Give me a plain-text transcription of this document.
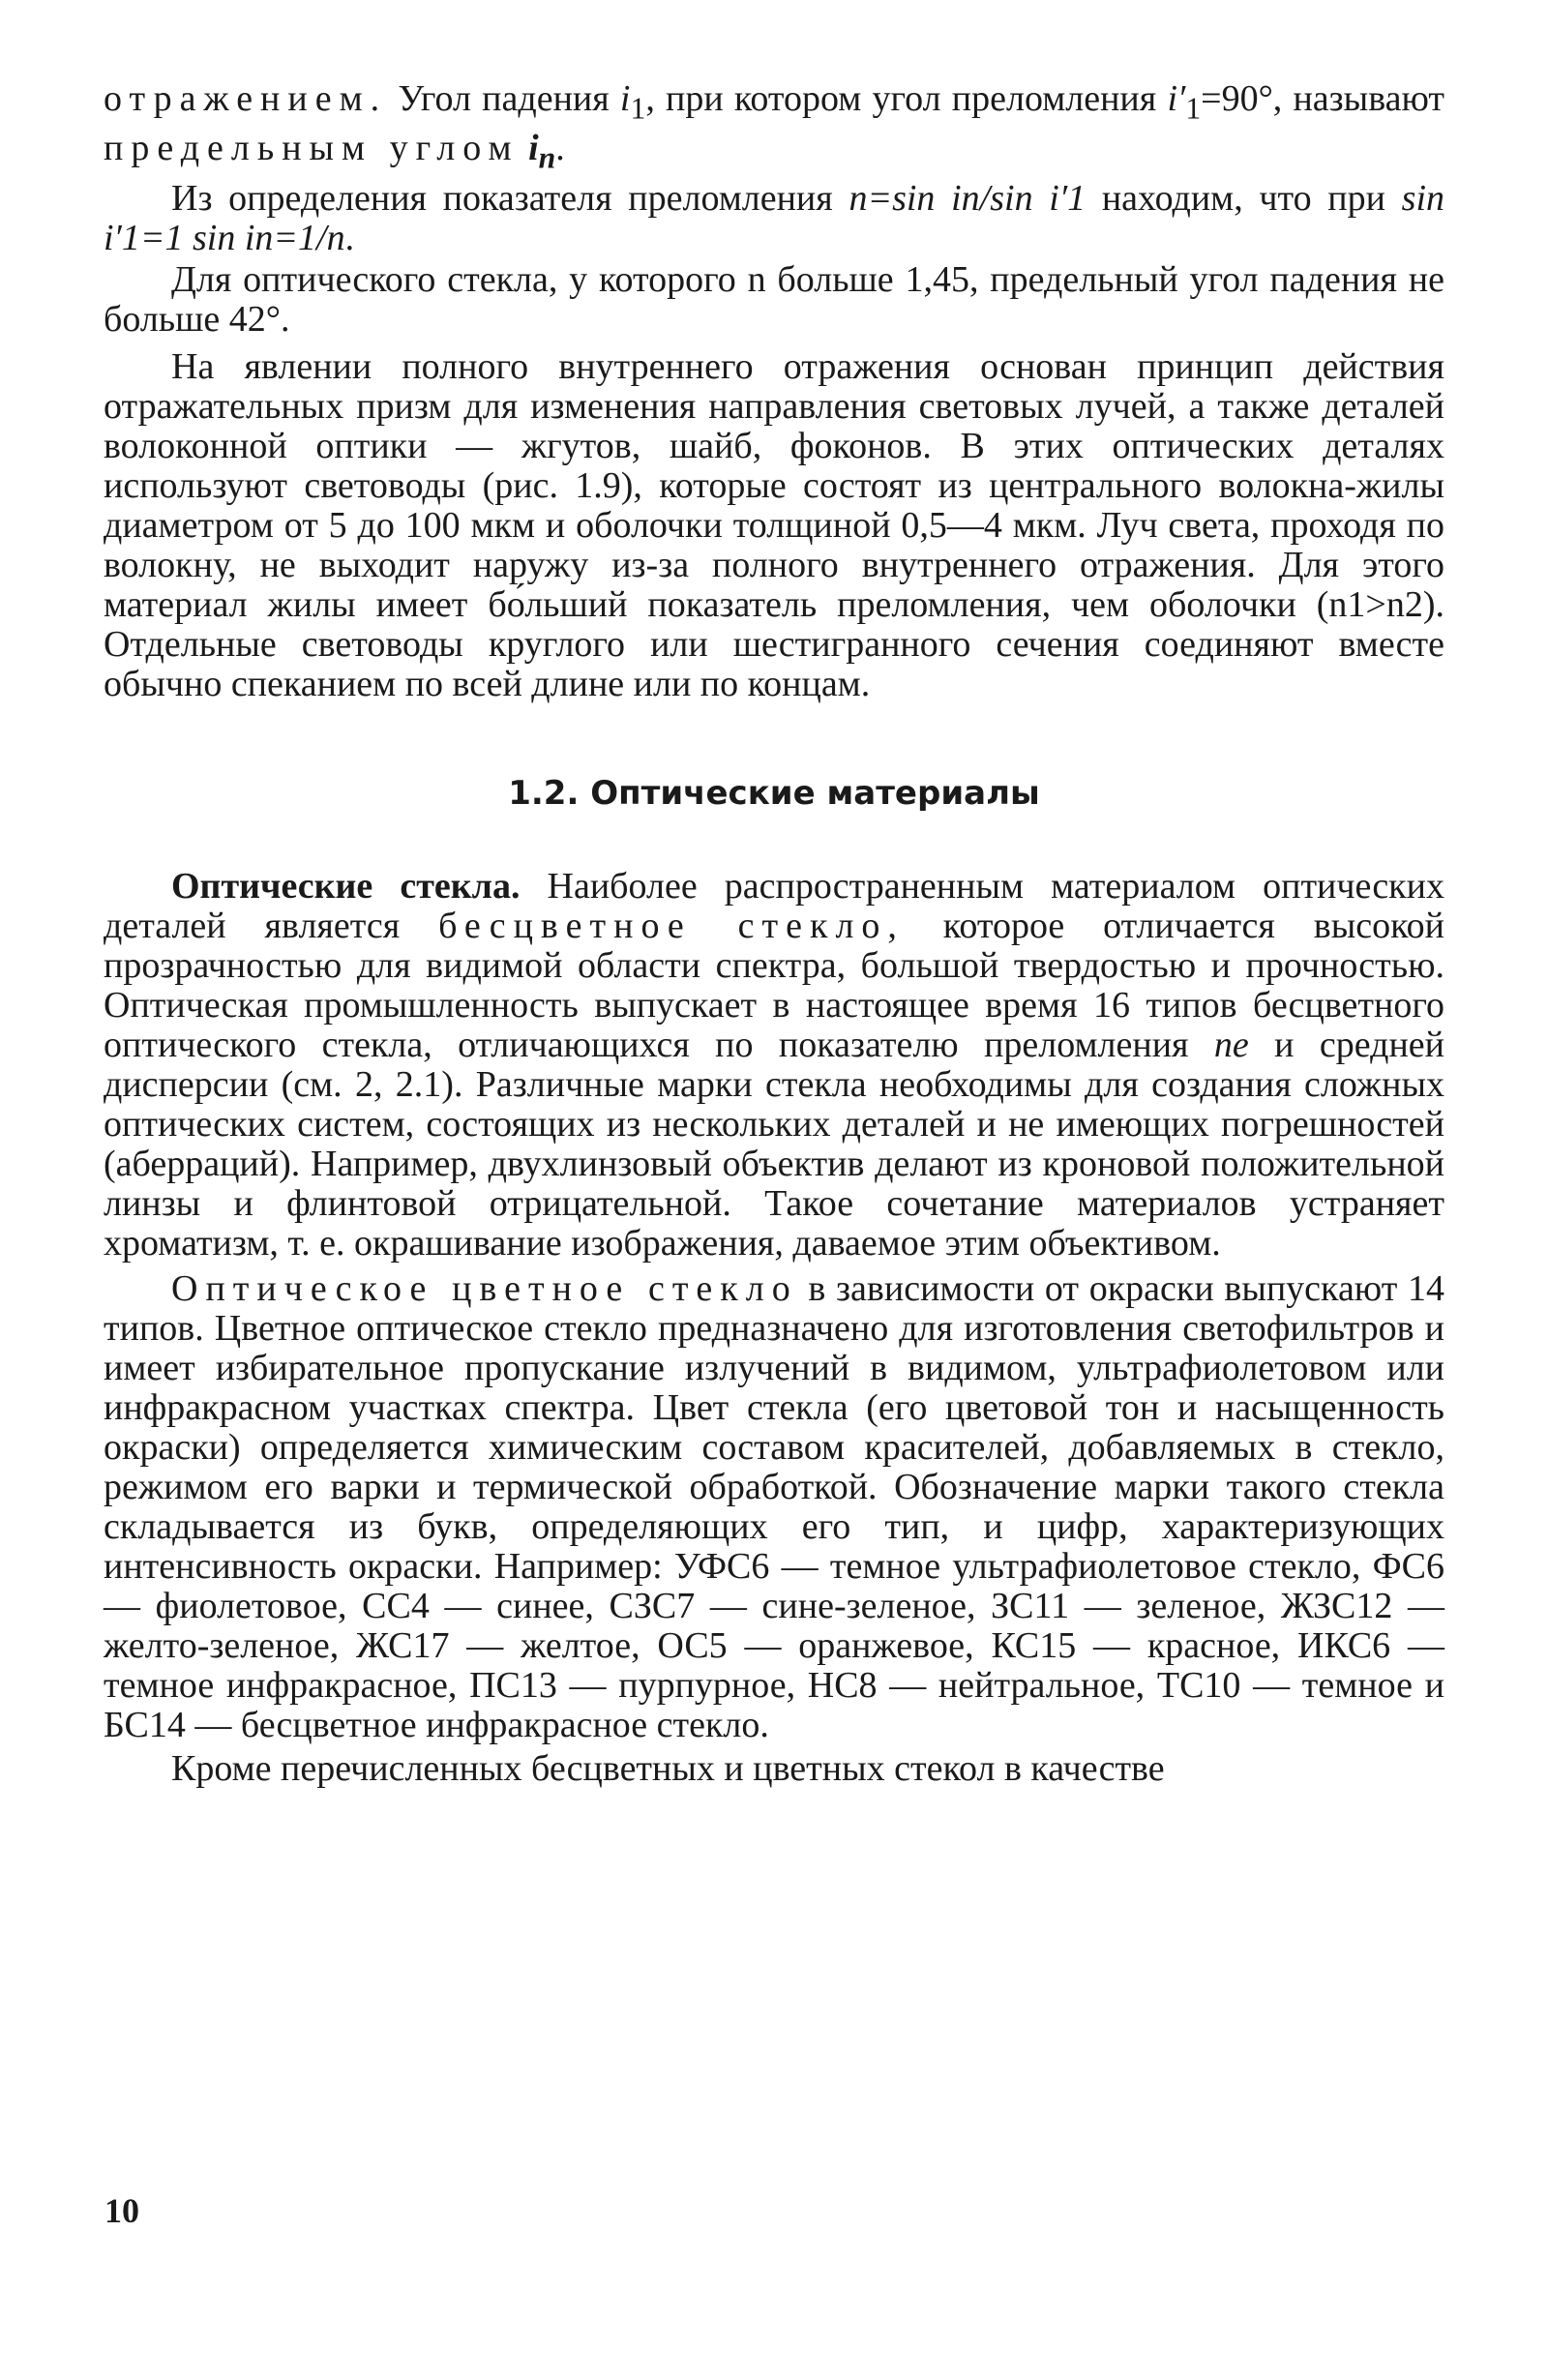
отражением. Угол падения $i_1$, при котором угол преломления $i'_1=90^\circ$, называют предельным углом $i_п$.

Из определения показателя преломления n=sin iп/sin i′1 находим, что при sin i′1=1 sin iп=1/n.

Для оптического стекла, у которого n больше 1,45, предельный угол падения не больше 42°.

На явлении полного внутреннего отражения основан принцип действия отражательных призм для изменения направления световых лучей, а также деталей волоконной оптики — жгутов, шайб, фоконов. В этих оптических деталях используют световоды (рис. 1.9), которые состоят из центрального волокна-жилы диаметром от 5 до 100 мкм и оболочки толщиной 0,5—4 мкм. Луч света, проходя по волокну, не выходит наружу из-за полного внутреннего отражения. Для этого материал жилы имеет бо́льший показатель преломления, чем оболочки (n1>n2). Отдельные световоды круглого или шестигранного сечения соединяют вместе обычно спеканием по всей длине или по концам.

1.2. Оптические материалы

Оптические стекла. Наиболее распространенным материалом оптических деталей является бесцветное стекло, которое отличается высокой прозрачностью для видимой области спектра, большой твердостью и прочностью. Оптическая промышленность выпускает в настоящее время 16 типов бесцветного оптического стекла, отличающихся по показателю преломления ne и средней дисперсии (см. 2, 2.1). Различные марки стекла необходимы для создания сложных оптических систем, состоящих из нескольких деталей и не имеющих погрешностей (аберраций). Например, двухлинзовый объектив делают из кроновой положительной линзы и флинтовой отрицательной. Такое сочетание материалов устраняет хроматизм, т. е. окрашивание изображения, даваемое этим объективом.

Оптическое цветное стекло в зависимости от окраски выпускают 14 типов. Цветное оптическое стекло предназначено для изготовления светофильтров и имеет избирательное пропускание излучений в видимом, ультрафиолетовом или инфракрасном участках спектра. Цвет стекла (его цветовой тон и насыщенность окраски) определяется химическим составом красителей, добавляемых в стекло, режимом его варки и термической обработкой. Обозначение марки такого стекла складывается из букв, определяющих его тип, и цифр, характеризующих интенсивность окраски. Например: УФС6 — темное ультрафиолетовое стекло, ФС6 — фиолетовое, СС4 — синее, СЗС7 — сине-зеленое, ЗС11 — зеленое, ЖЗС12 — желто-зеленое, ЖС17 — желтое, ОС5 — оранжевое, КС15 — красное, ИКС6 — темное инфракрасное, ПС13 — пурпурное, НС8 — нейтральное, ТС10 — темное и БС14 — бесцветное инфракрасное стекло.

Кроме перечисленных бесцветных и цветных стекол в качестве

10
